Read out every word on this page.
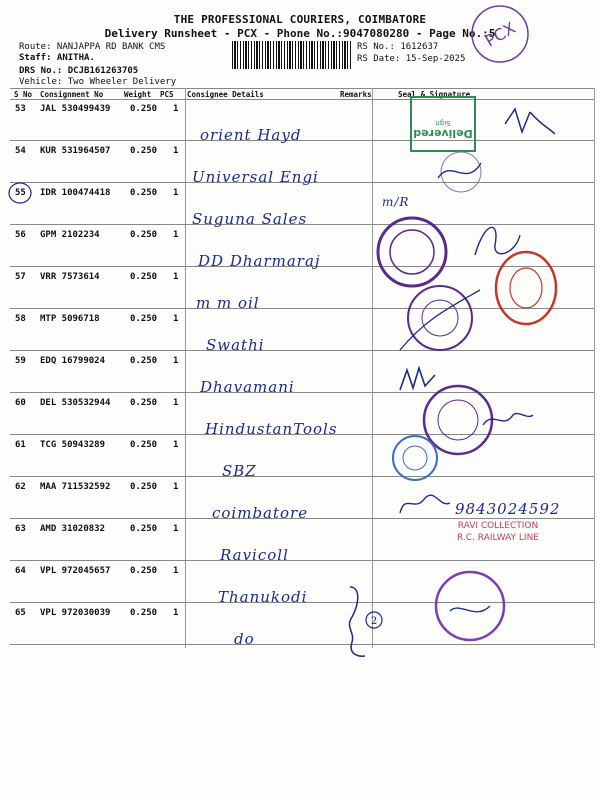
THE PROFESSIONAL COURIERS, COIMBATORE
Delivery Runsheet - PCX - Phone No.:9047080280 - Page No.:5
Route: NANJAPPA RD BANK CMS
Staff: ANITHA.
DRS No.: DCJB161263705
Vehicle: Two Wheeler Delivery
RS No.: 1612637
RS Date: 15-Sep-2025
PCX
S No Consignment No	Weight PCS Consignee Details	Remarks	Seal & Signature
53 JAL 530499439 0.250 1
orient Hayd
54 KUR 531964507 0.250 1
Universal Engi
55 IDR 100474418 0.250 1
Suguna Sales
56 GPM 2102234	0.250 1
DD Dharmaraj
57 VRR 7573614	0.250 1
m m oil
58 MTP 5096718	0.250 1
Swathi
59 EDQ 16799024	0.250 1
Dhavamani
60 DEL 530532944 0.250 1
HindustanTools
61 TCG 50943289	0.250 1
SBZ
62 MAA 711532592 0.250 1
coimbatore
63 AMD 31020832	0.250 1
Ravicoll
64 VPL 972045657 0.250 1
Thanukodi
65 VPL 972030039 0.250 1
do
m/R
9843024592
2
Delivered
Sign
RAVI COLLECTION
R.C. RAILWAY LINE
